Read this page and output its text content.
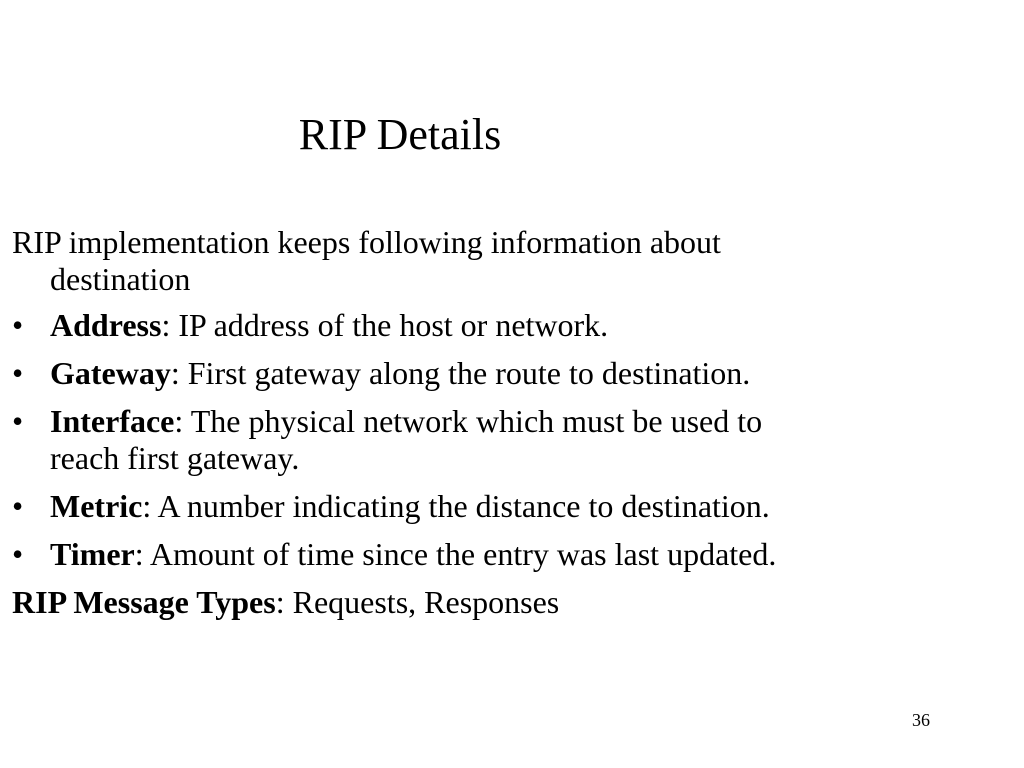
RIP Details

RIP implementation keeps following information about destination

• Address: IP address of the host or network.
• Gateway: First gateway along the route to destination.
• Interface: The physical network which must be used to reach first gateway.
• Metric: A number indicating the distance to destination.
• Timer: Amount of time since the entry was last updated.

RIP Message Types: Requests, Responses

36
